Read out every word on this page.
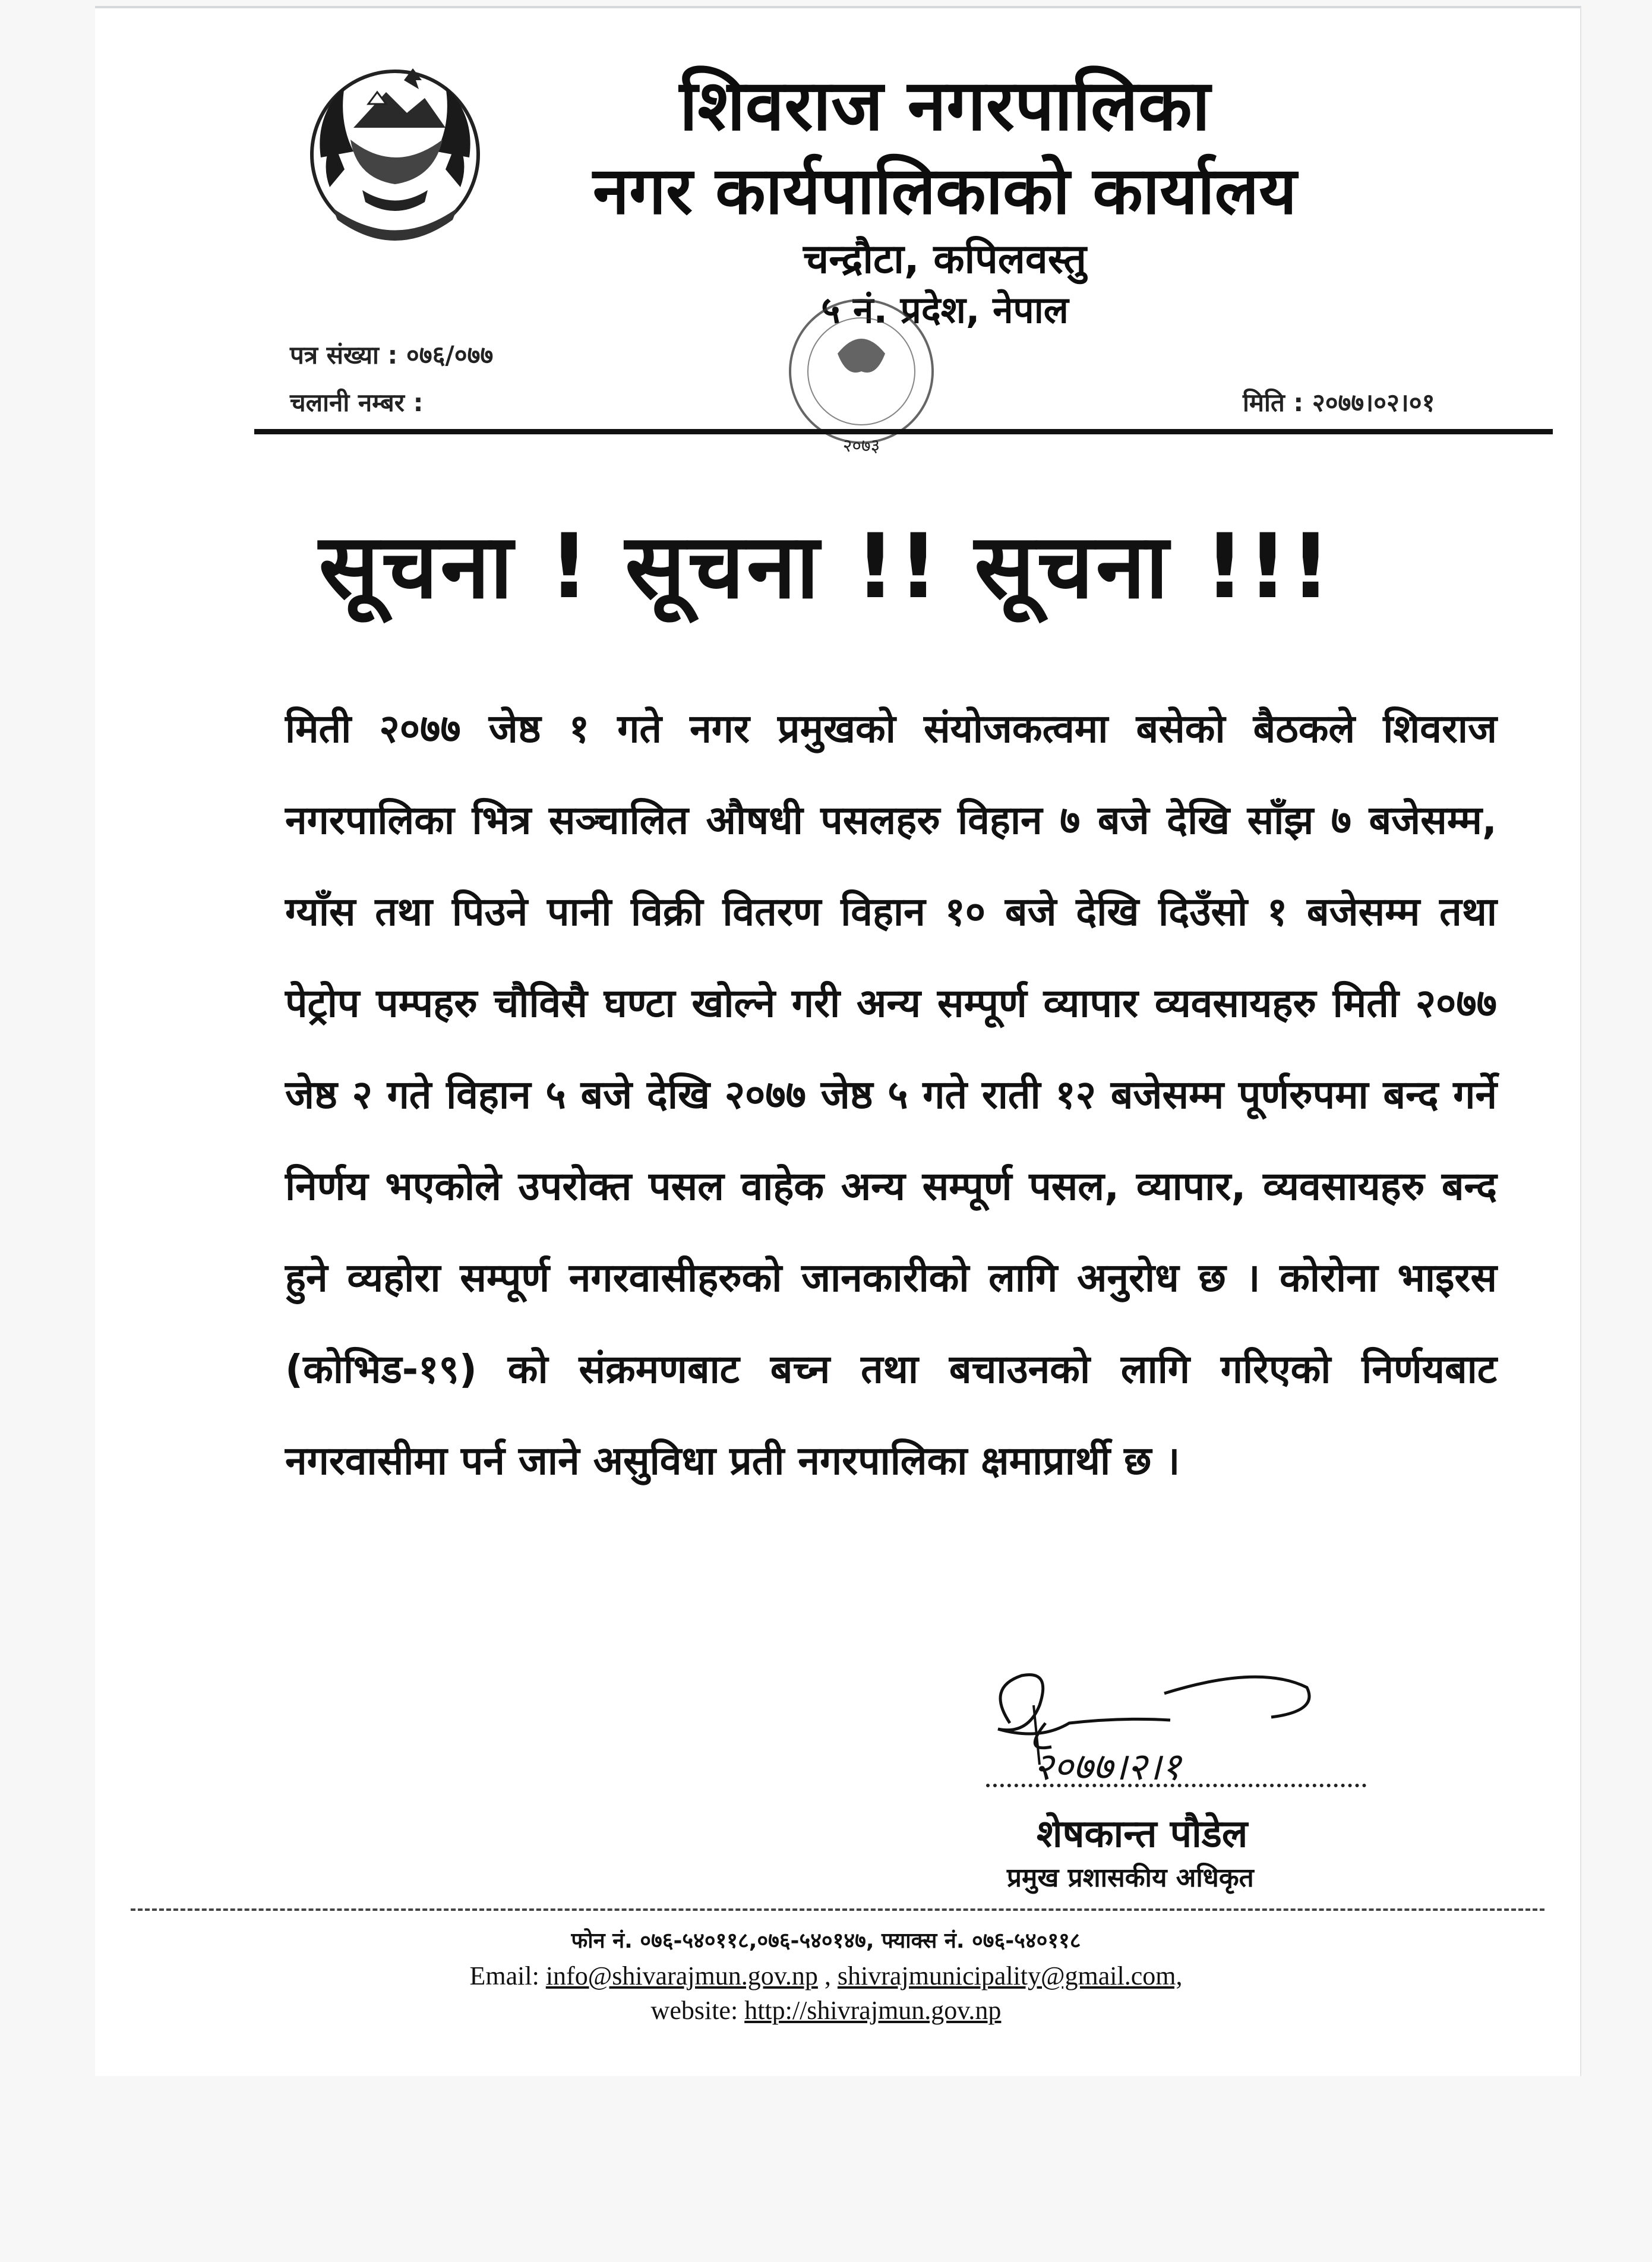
शिवराज नगरपालिका
नगर कार्यपालिकाको कार्यालय
चन्द्रौटा, कपिलवस्तु
५ नं. प्रदेश, नेपाल
२०७३
पत्र संख्या : ०७६/०७७
चलानी नम्बर :	मिति : २०७७।०२।०१
सूचना ! सूचना !! सूचना !!!
मिती २०७७ जेष्ठ १ गते नगर प्रमुखको संयोजकत्वमा बसेको बैठकले शिवराज नगरपालिका भित्र सञ्चालित औषधी पसलहरु विहान ७ बजे देखि साँझ ७ बजेसम्म, ग्याँस तथा पिउने पानी विक्री वितरण विहान १० बजे देखि दिउँसो १ बजेसम्म तथा पेट्रोप पम्पहरु चौविसै घण्टा खोल्ने गरी अन्य सम्पूर्ण व्यापार व्यवसायहरु मिती २०७७ जेष्ठ २ गते विहान ५ बजे देखि २०७७ जेष्ठ ५ गते राती १२ बजेसम्म पूर्णरुपमा बन्द गर्ने निर्णय भएकोले उपरोक्त पसल वाहेक अन्य सम्पूर्ण पसल, व्यापार, व्यवसायहरु बन्द हुने व्यहोरा सम्पूर्ण नगरवासीहरुको जानकारीको लागि अनुरोध छ । कोरोना भाइरस (कोभिड-१९) को संक्रमणबाट बच्न तथा बचाउनको लागि गरिएको निर्णयबाट नगरवासीमा पर्न जाने असुविधा प्रती नगरपालिका क्षमाप्रार्थी छ ।
२०७७।२।१
शेषकान्त पौडेल
प्रमुख प्रशासकीय अधिकृत
फोन नं. ०७६-५४०११८,०७६-५४०१४७, फ्याक्स नं. ०७६-५४०११८
Email: info@shivarajmun.gov.np , shivrajmunicipality@gmail.com,
website: http://shivrajmun.gov.np
